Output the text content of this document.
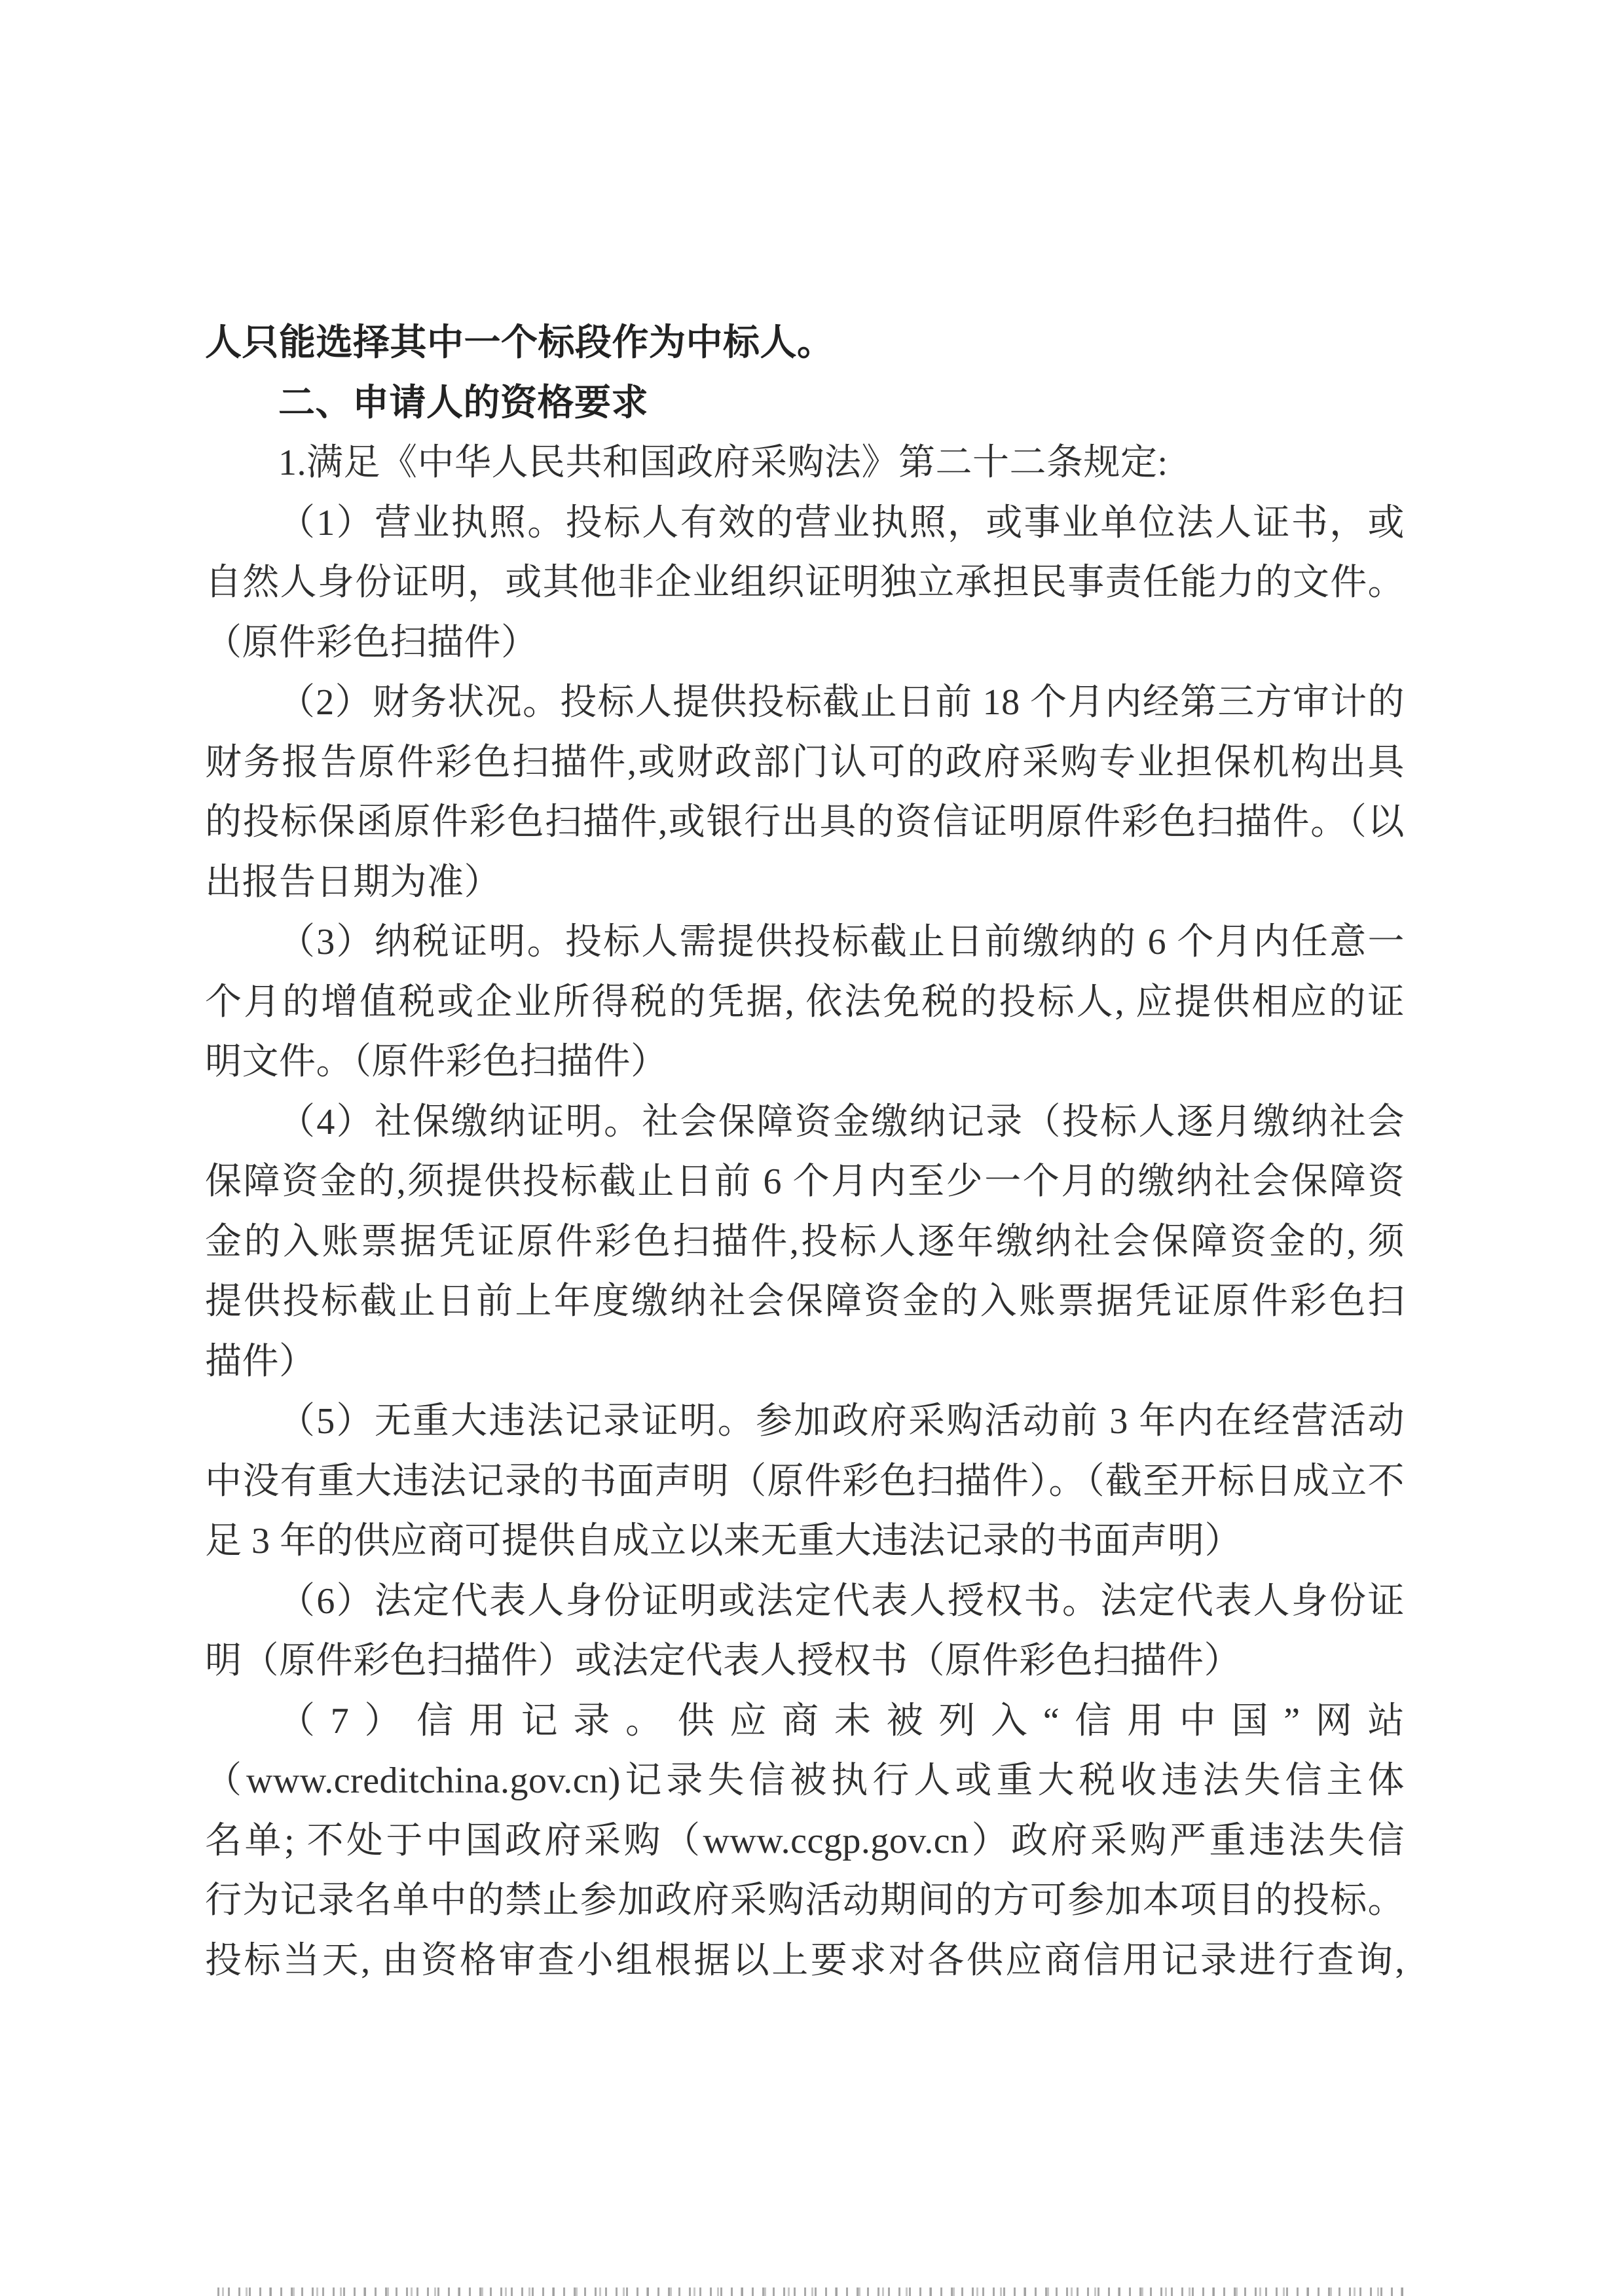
人只能选择其中一个标段作为中标人。
二、申请人的资格要求
1.满足《中华人民共和国政府采购法》第二十二条规定:
（1）营业执照。投标人有效的营业执照，或事业单位法人证书，或
自然人身份证明，或其他非企业组织证明独立承担民事责任能力的文件。
（原件彩色扫描件）
（2）财务状况。投标人提供投标截止日前 18 个月内经第三方审计的
财务报告原件彩色扫描件,或财政部门认可的政府采购专业担保机构出具
的投标保函原件彩色扫描件,或银行出具的资信证明原件彩色扫描件。（以
出报告日期为准）
（3）纳税证明。投标人需提供投标截止日前缴纳的 6 个月内任意一
个月的增值税或企业所得税的凭据, 依法免税的投标人, 应提供相应的证
明文件。（原件彩色扫描件）
（4）社保缴纳证明。社会保障资金缴纳记录（投标人逐月缴纳社会
保障资金的,须提供投标截止日前 6 个月内至少一个月的缴纳社会保障资
金的入账票据凭证原件彩色扫描件,投标人逐年缴纳社会保障资金的, 须
提供投标截止日前上年度缴纳社会保障资金的入账票据凭证原件彩色扫
描件）
（5）无重大违法记录证明。参加政府采购活动前 3 年内在经营活动
中没有重大违法记录的书面声明（原件彩色扫描件）。（截至开标日成立不
足 3 年的供应商可提供自成立以来无重大违法记录的书面声明）
（6）法定代表人身份证明或法定代表人授权书。法定代表人身份证
明（原件彩色扫描件）或法定代表人授权书（原件彩色扫描件）
（7）信用记录。供应商未被列入“信用中国”网站
（www.creditchina.gov.cn)记录失信被执行人或重大税收违法失信主体
名单; 不处于中国政府采购（www.ccgp.gov.cn）政府采购严重违法失信
行为记录名单中的禁止参加政府采购活动期间的方可参加本项目的投标。
投标当天, 由资格审查小组根据以上要求对各供应商信用记录进行查询,
